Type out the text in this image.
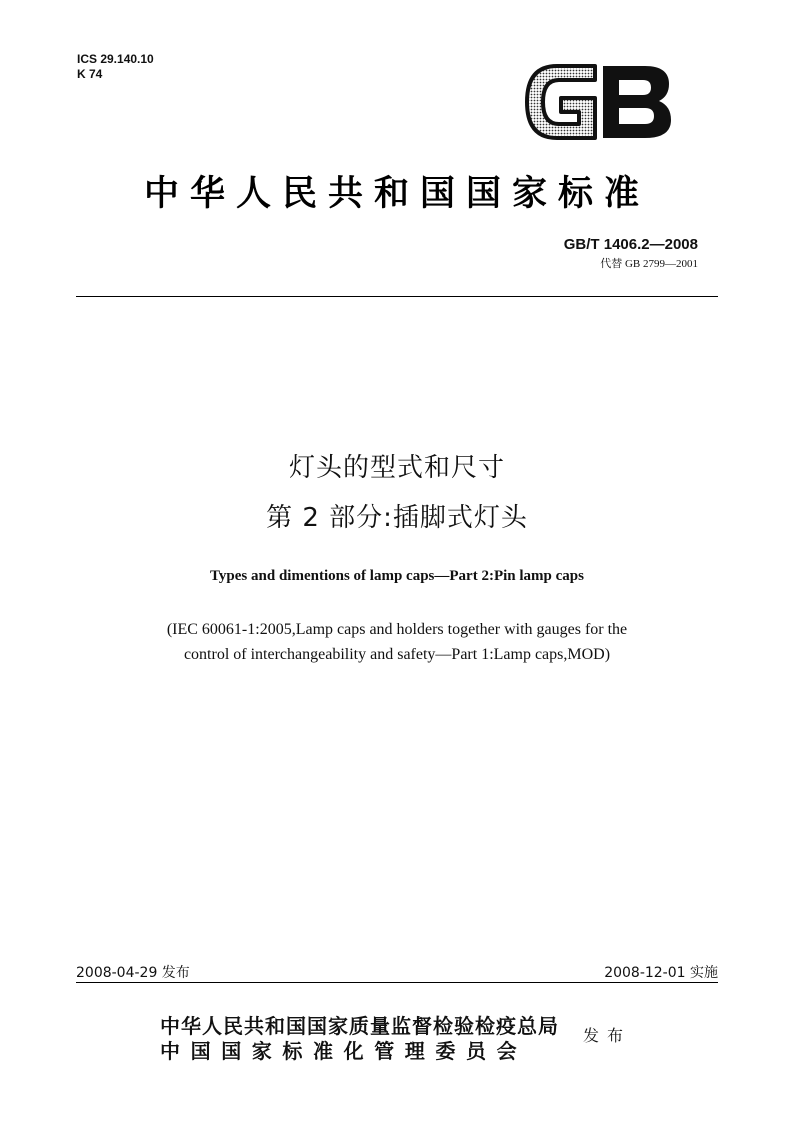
ICS 29.140.10
K 74
GB
中华人民共和国国家标准
GB/T 1406.2—2008
代替 GB 2799—2001
灯头的型式和尺寸
第 2 部分:插脚式灯头
Types and dimentions of lamp caps—Part 2:Pin lamp caps
(IEC 60061-1:2005,Lamp caps and holders together with gauges for the
control of interchangeability and safety—Part 1:Lamp caps,MOD)
2008-04-29 发布	2008-12-01 实施
中华人民共和国国家质量监督检验检疫总局
中国国家标准化管理委员会
发布
